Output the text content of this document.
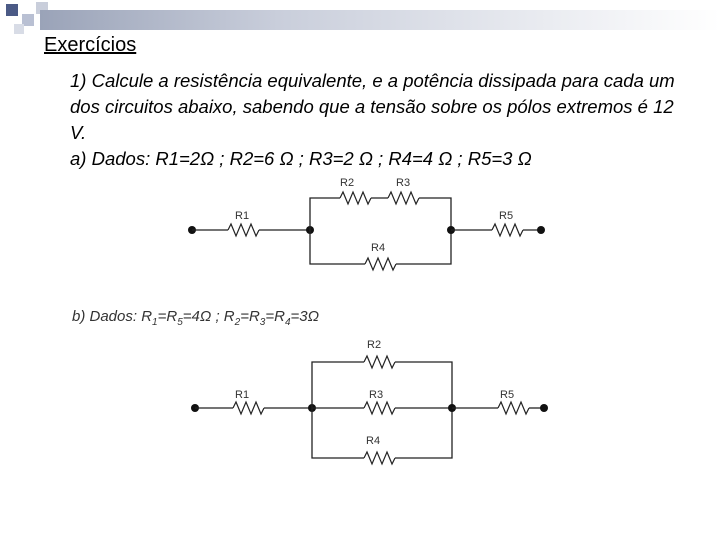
Exercícios
1) Calcule a resistência equivalente, e a potência dissipada para cada um dos circuitos abaixo, sabendo que a tensão sobre os pólos extremos é 12 V.
a) Dados: R1=2Ω ; R2=6 Ω ; R3=2 Ω ; R4=4 Ω ; R5=3 Ω
R1
R2	R3
R4
R5
b) Dados: $R_1=R_5=4\Omega$ ; $R_2=R_3=R_4=3\Omega$
R1
R2
R3
R4
R5
